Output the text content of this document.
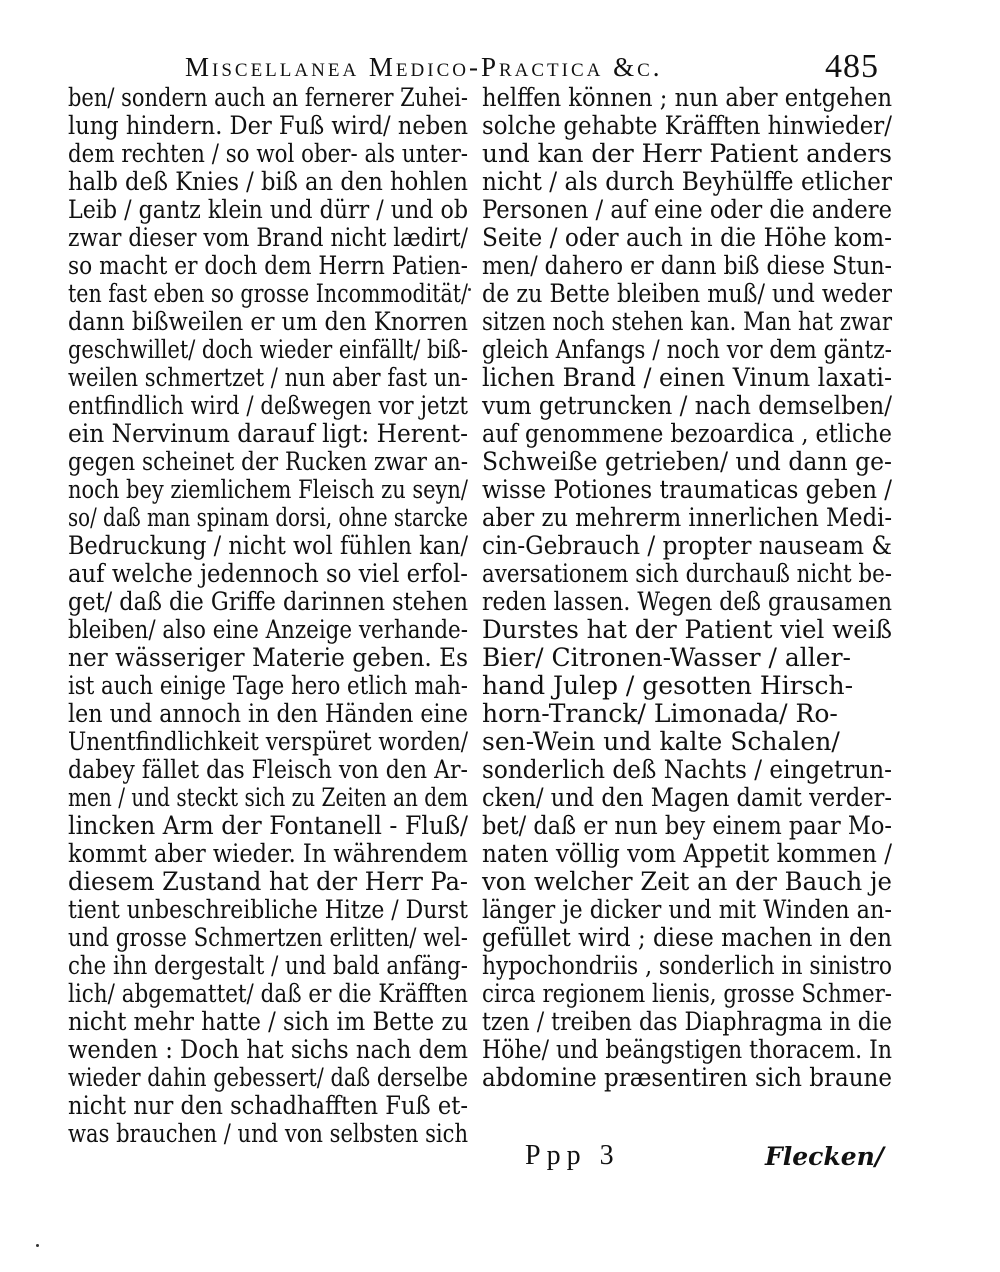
Miscellanea Medico-Practica &c.	485
ben/ sondern auch an fernerer Zuhei-
lung hindern. Der Fuß wird/ neben
dem rechten / so wol ober- als unter-
halb deß Knies / biß an den hohlen
Leib / gantz klein und dürr / und ob
zwar dieser vom Brand nicht lædirt/
so macht er doch dem Herrn Patien-
ten fast eben so grosse Incommodität/
dann bißweilen er um den Knorren
geschwillet/ doch wieder einfällt/ biß-
weilen schmertzet / nun aber fast un-
entfindlich wird / deßwegen vor jetzt
ein Nervinum darauf ligt: Herent-
gegen scheinet der Rucken zwar an-
noch bey ziemlichem Fleisch zu seyn/
so/ daß man spinam dorsi, ohne starcke
Bedruckung / nicht wol fühlen kan/
auf welche jedennoch so viel erfol-
get/ daß die Griffe darinnen stehen
bleiben/ also eine Anzeige verhande-
ner wässeriger Materie geben. Es
ist auch einige Tage hero etlich mah-
len und annoch in den Händen eine
Unentfindlichkeit verspüret worden/
dabey fället das Fleisch von den Ar-
men / und steckt sich zu Zeiten an dem
lincken Arm der Fontanell - Fluß/
kommt aber wieder. In währendem
diesem Zustand hat der Herr Pa-
tient unbeschreibliche Hitze / Durst
und grosse Schmertzen erlitten/ wel-
che ihn dergestalt / und bald anfäng-
lich/ abgemattet/ daß er die Kräfften
nicht mehr hatte / sich im Bette zu
wenden : Doch hat sichs nach dem
wieder dahin gebessert/ daß derselbe
nicht nur den schadhafften Fuß et-
was brauchen / und von selbsten sich
helffen können ; nun aber entgehen
solche gehabte Kräfften hinwieder/
und kan der Herr Patient anders
nicht / als durch Beyhülffe etlicher
Personen / auf eine oder die andere
Seite / oder auch in die Höhe kom-
men/ dahero er dann biß diese Stun-
de zu Bette bleiben muß/ und weder
sitzen noch stehen kan. Man hat zwar
gleich Anfangs / noch vor dem gäntz-
lichen Brand / einen Vinum laxati-
vum getruncken / nach demselben/
auf genommene bezoardica , etliche
Schweiße getrieben/ und dann ge-
wisse Potiones traumaticas geben /
aber zu mehrerm innerlichen Medi-
cin-Gebrauch / propter nauseam &
aversationem sich durchauß nicht be-
reden lassen. Wegen deß grausamen
Durstes hat der Patient viel weiß
Bier/ Citronen-Wasser / aller-
hand Julep / gesotten Hirsch-
horn-Tranck/ Limonada/ Ro-
sen-Wein und kalte Schalen/
sonderlich deß Nachts / eingetrun-
cken/ und den Magen damit verder-
bet/ daß er nun bey einem paar Mo-
naten völlig vom Appetit kommen /
von welcher Zeit an der Bauch je
länger je dicker und mit Winden an-
gefüllet wird ; diese machen in den
hypochondriis , sonderlich in sinistro
circa regionem lienis, grosse Schmer-
tzen / treiben das Diaphragma in die
Höhe/ und beängstigen thoracem. In
abdomine præsentiren sich braune
Ppp 3	Flecken/
